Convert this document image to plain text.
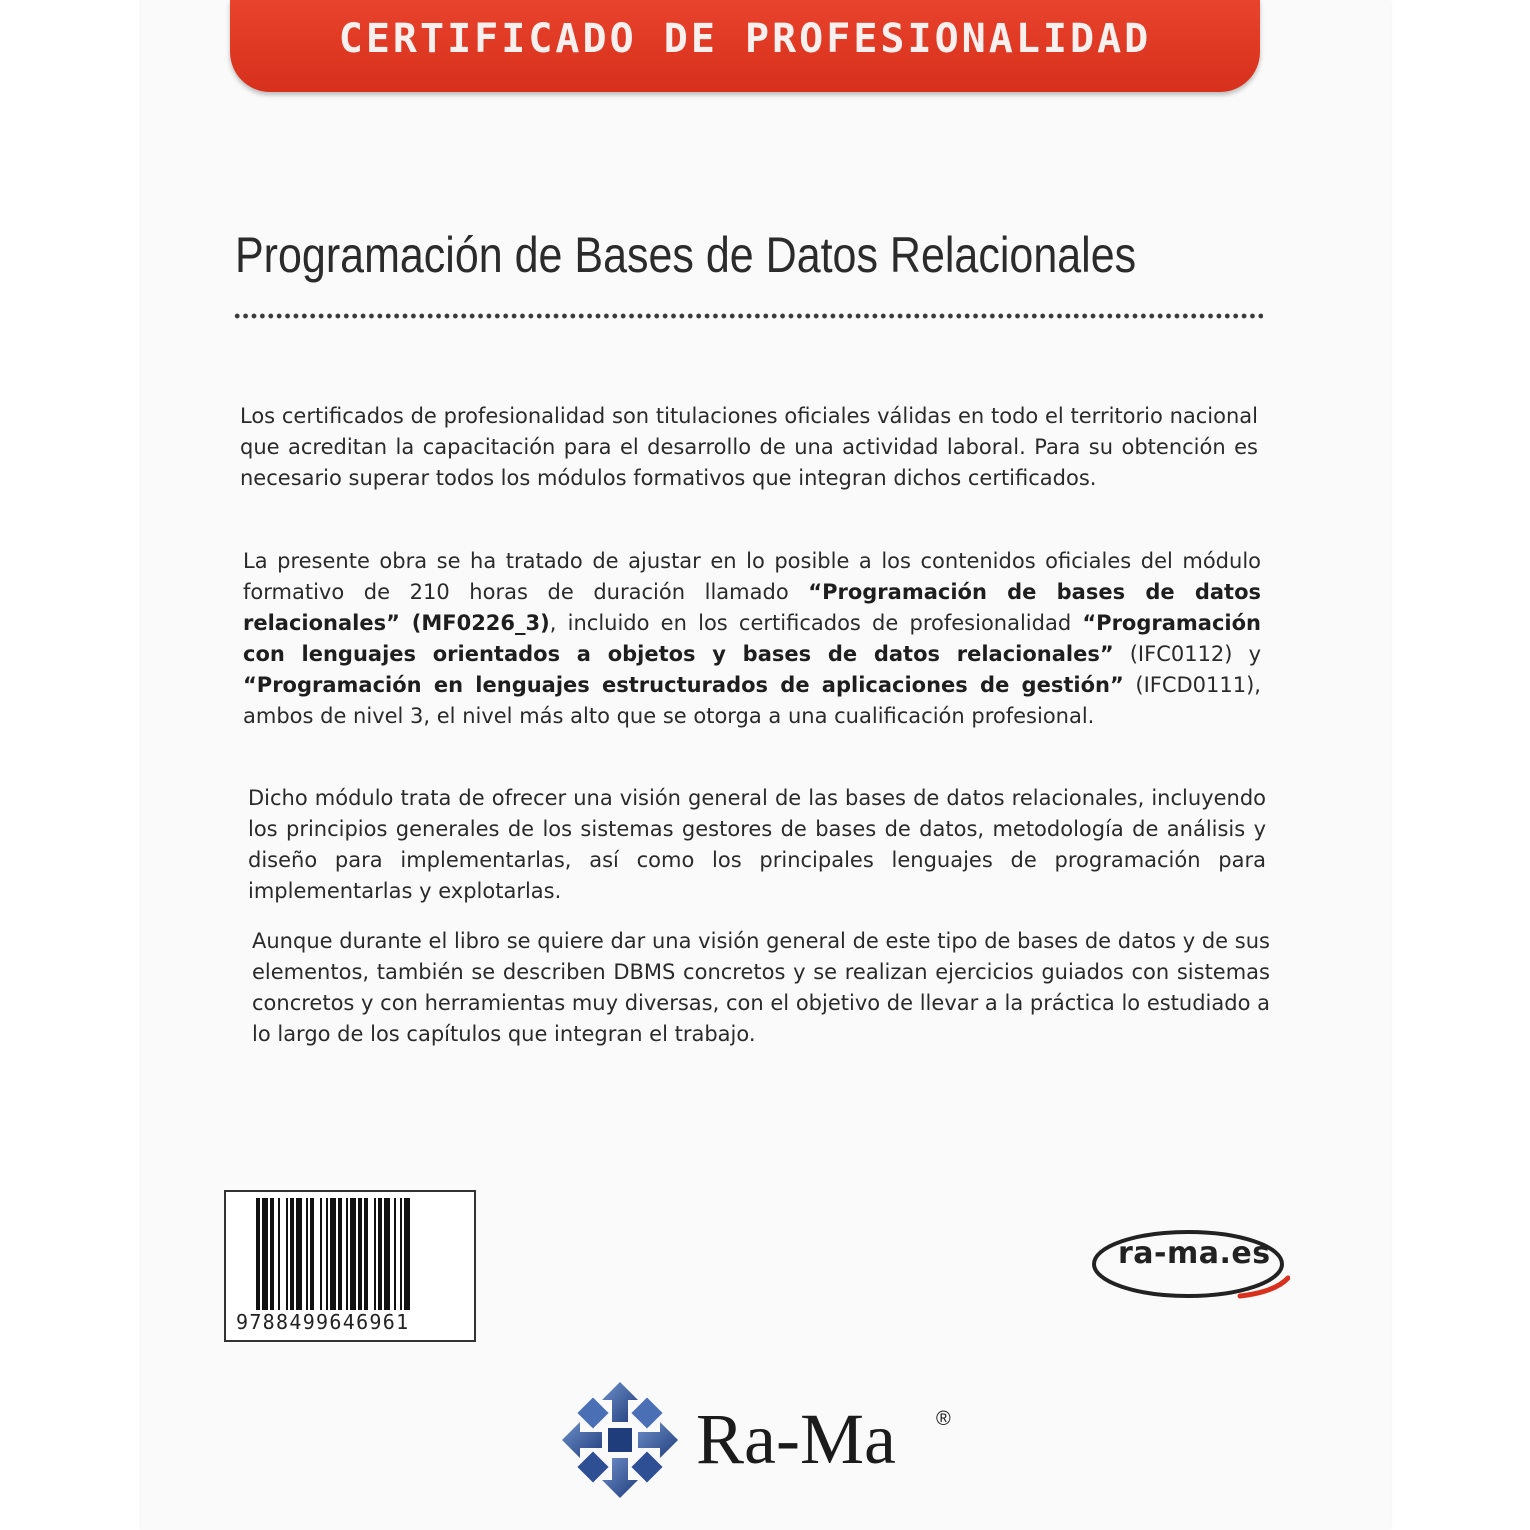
CERTIFICADO DE PROFESIONALIDAD
Programación de Bases de Datos Relacionales
Los certificados de profesionalidad son titulaciones oficiales válidas en todo el territorio nacional que acreditan la capacitación para el desarrollo de una actividad laboral. Para su obtención es necesario superar todos los módulos formativos que integran dichos certificados.
La presente obra se ha tratado de ajustar en lo posible a los contenidos oficiales del módulo formativo de 210 horas de duración llamado “Programación de bases de datos relacionales” (MF0226_3), incluido en los certificados de profesionalidad “Programación con lenguajes orientados a objetos y bases de datos relacionales” (IFC0112) y “Programación en lenguajes estructurados de aplicaciones de gestión” (IFCD0111), ambos de nivel 3, el nivel más alto que se otorga a una cualificación profesional.
Dicho módulo trata de ofrecer una visión general de las bases de datos relacionales, incluyendo los principios generales de los sistemas gestores de bases de datos, metodología de análisis y diseño para implementarlas, así como los principales lenguajes de programación para implementarlas y explotarlas.
Aunque durante el libro se quiere dar una visión general de este tipo de bases de datos y de sus elementos, también se describen DBMS concretos y se realizan ejercicios guiados con sistemas concretos y con herramientas muy diversas, con el objetivo de llevar a la práctica lo estudiado a lo largo de los capítulos que integran el trabajo.
9788499646961
ra-ma.es
Ra-Ma ®
